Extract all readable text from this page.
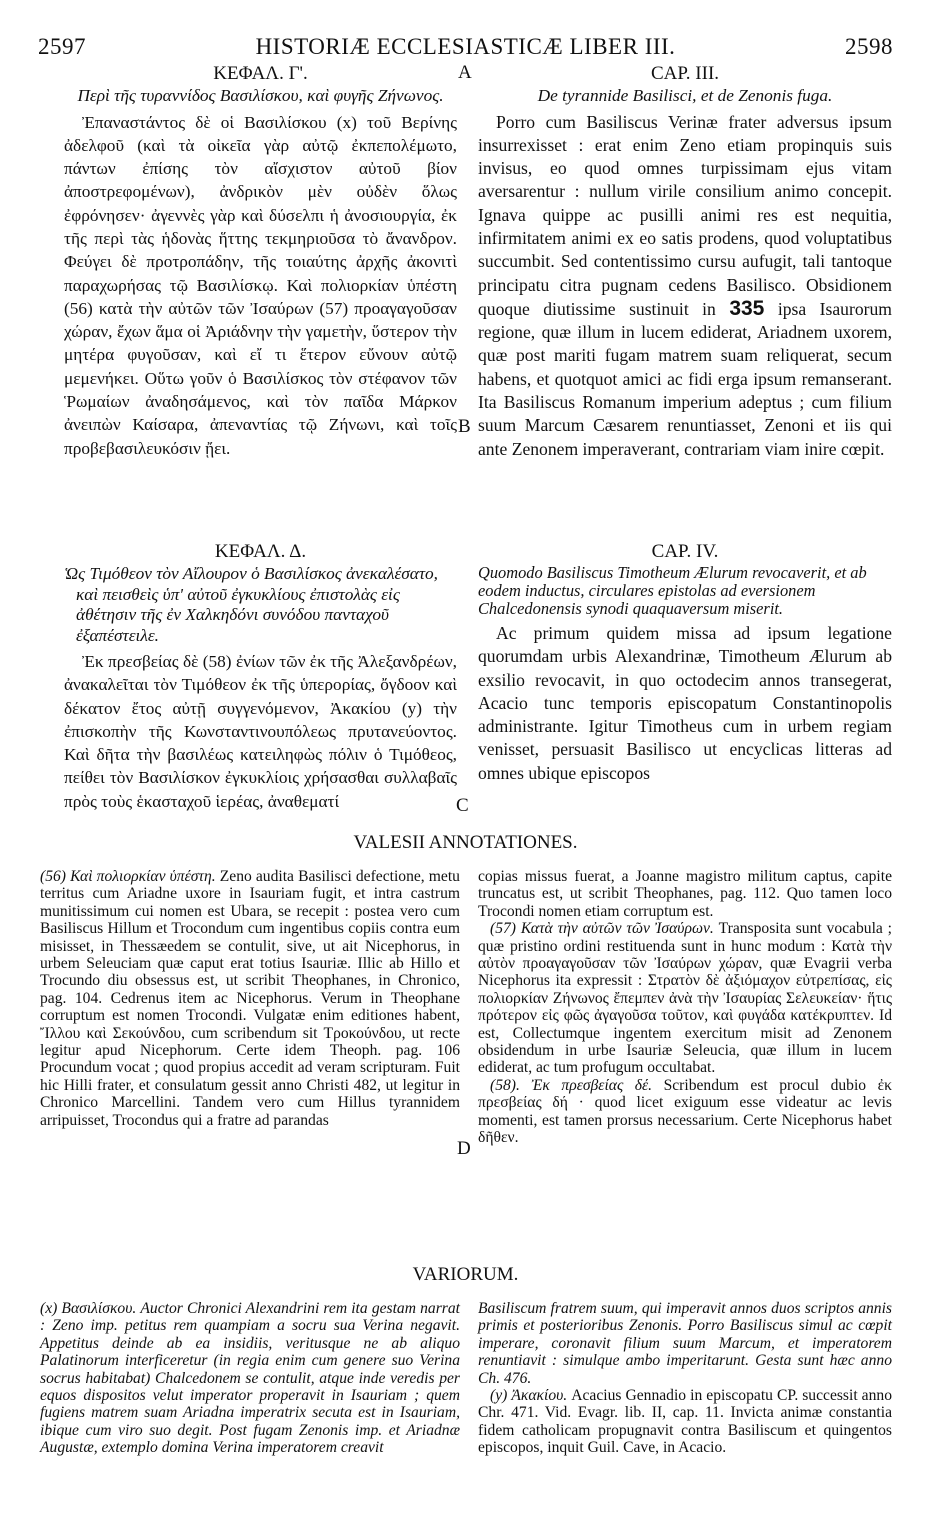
2597	HISTORIÆ ECCLESIASTICÆ LIBER III.	2598
A
B
C
D

ΚΕΦΑΛ. Γ'.

Περὶ τῆς τυραννίδος Βασιλίσκου, καὶ φυγῆς Ζήνωνος.

Ἐπαναστάντος δὲ οἱ Βασιλίσκου (x) τοῦ Βερίνης ἀδελφοῦ (καὶ τὰ οἰκεῖα γὰρ αὐτῷ ἐκπεπολέμωτο, πάντων ἐπίσης τὸν αἴσχιστον αὐτοῦ βίον ἀποστρεφομένων), ἀνδρικὸν μὲν οὐδὲν ὅλως ἐφρόνησεν· ἀγεννὲς γὰρ καὶ δύσελπι ἡ ἀνοσιουργία, ἐκ τῆς περὶ τὰς ἡδονὰς ἥττης τεκμηριοῦσα τὸ ἄνανδρον. Φεύγει δὲ προτροπάδην, τῆς τοιαύτης ἀρχῆς ἀκονιτὶ παραχωρήσας τῷ Βασιλίσκῳ. Καὶ πολιορκίαν ὑπέστη (56) κατὰ τὴν αὐτῶν τῶν Ἰσαύρων (57) προαγαγοῦσαν χώραν, ἔχων ἅμα οἱ Ἀριάδνην τὴν γαμετὴν, ὕστερον τὴν μητέρα φυγοῦσαν, καὶ εἴ τι ἕτερον εὔνουν αὐτῷ μεμενήκει. Οὕτω γοῦν ὁ Βασιλίσκος τὸν στέφανον τῶν Ῥωμαίων ἀναδησάμενος, καὶ τὸν παῖδα Μάρκον ἀνειπὼν Καίσαρα, ἀπεναντίας τῷ Ζήνωνι, καὶ τοῖς προβεβασιλευκόσιν ᾔει.

CAP. III.

De tyrannide Basilisci, et de Zenonis fuga.

Porro cum Basiliscus Verinæ frater adversus ipsum insurrexisset : erat enim Zeno etiam propinquis suis invisus, eo quod omnes turpissimam ejus vitam aversarentur : nullum virile consilium animo concepit. Ignava quippe ac pusilli animi res est nequitia, infirmitatem animi ex eo satis prodens, quod voluptatibus succumbit. Sed contentissimo cursu aufugit, tali tantoque principatu citra pugnam cedens Basilisco. Obsidionem quoque diutissime sustinuit in 335 ipsa Isaurorum regione, quæ illum in lucem ediderat, Ariadnem uxorem, quæ post mariti fugam matrem suam reliquerat, secum habens, et quotquot amici ac fidi erga ipsum remanserant. Ita Basiliscus Romanum imperium adeptus ; cum filium suum Marcum Cæsarem renuntiasset, Zenoni et iis qui ante Zenonem imperaverant, contrariam viam inire cœpit.

ΚΕΦΑΛ. Δ.

Ὡς Τιμόθεον τὸν Αἴλουρον ὁ Βασιλίσκος ἀνεκαλέσατο, καὶ πεισθεὶς ὑπ' αὐτοῦ ἐγκυκλίους ἐπιστολὰς εἰς ἀθέτησιν τῆς ἐν Χαλκηδόνι συνόδου πανταχοῦ ἐξαπέστειλε.

Ἐκ πρεσβείας δὲ (58) ἐνίων τῶν ἐκ τῆς Ἀλεξανδρέων, ἀνακαλεῖται τὸν Τιμόθεον ἐκ τῆς ὑπερορίας, ὄγδοον καὶ δέκατον ἔτος αὐτῇ συγγενόμενον, Ἀκακίου (y) τὴν ἐπισκοπὴν τῆς Κωνσταντινουπόλεως πρυτανεύοντος. Καὶ δῆτα τὴν βασιλέως κατειληφὼς πόλιν ὁ Τιμόθεος, πείθει τὸν Βασιλίσκον ἐγκυκλίοις χρήσασθαι συλλαβαῖς πρὸς τοὺς ἑκασταχοῦ ἱερέας, ἀναθεματί

CAP. IV.

Quomodo Basiliscus Timotheum Ælurum revocaverit, et ab eodem inductus, circulares epistolas ad eversionem Chalcedonensis synodi quaquaversum miserit.

Ac primum quidem missa ad ipsum legatione quorumdam urbis Alexandrinæ, Timotheum Ælurum ab exsilio revocavit, in quo octodecim annos transegerat, Acacio tunc temporis episcopatum Constantinopolis administrante. Igitur Timotheus cum in urbem regiam venisset, persuasit Basilisco ut encyclicas litteras ad omnes ubique episcopos

VALESII ANNOTATIONES.

(56) Καὶ πολιορκίαν ὑπέστη. Zeno audita Basilisci defectione, metu territus cum Ariadne uxore in Isauriam fugit, et intra castrum munitissimum cui nomen est Ubara, se recepit : postea vero cum Basiliscus Hillum et Trocondum cum ingentibus copiis contra eum misisset, in Thessæedem se contulit, sive, ut ait Nicephorus, in urbem Seleuciam quæ caput erat totius Isauriæ. Illic ab Hillo et Trocundo diu obsessus est, ut scribit Theophanes, in Chronico, pag. 104. Cedrenus item ac Nicephorus. Verum in Theophane corruptum est nomen Trocondi. Vulgatæ enim editiones habent, Ἴλλου καὶ Σεκούνδου, cum scribendum sit Τροκούνδου, ut recte legitur apud Nicephorum. Certe idem Theoph. pag. 106 Procundum vocat ; quod propius accedit ad veram scripturam. Fuit hic Hilli frater, et consulatum gessit anno Christi 482, ut legitur in Chronico Marcellini. Tandem vero cum Hillus tyrannidem arripuisset, Trocondus qui a fratre ad parandas

copias missus fuerat, a Joanne magistro militum captus, capite truncatus est, ut scribit Theophanes, pag. 112. Quo tamen loco Trocondi nomen etiam corruptum est.

(57) Κατὰ τὴν αὐτῶν τῶν Ἰσαύρων. Transposita sunt vocabula ; quæ pristino ordini restituenda sunt in hunc modum : Κατὰ τὴν αὐτὸν προαγαγοῦσαν τῶν Ἰσαύρων χώραν, quæ Evagrii verba Nicephorus ita expressit : Στρατὸν δὲ ἀξιόμαχον εὐτρεπίσας, εἰς πολιορκίαν Ζήνωνος ἔπεμπεν ἀνὰ τὴν Ἰσαυρίας Σελευκείαν· ἥτις πρότερον εἰς φῶς ἀγαγοῦσα τοῦτον, καὶ φυγάδα κατέκρυπτεν. Id est, Collectumque ingentem exercitum misit ad Zenonem obsidendum in urbe Isauriæ Seleucia, quæ illum in lucem ediderat, ac tum profugum occultabat.

(58). Ἐκ πρεσβείας δέ. Scribendum est procul dubio ἐκ πρεσβείας δή · quod licet exiguum esse videatur ac levis momenti, est tamen prorsus necessarium. Certe Nicephorus habet δῆθεν.

VARIORUM.

(x) Βασιλίσκου. Auctor Chronici Alexandrini rem ita gestam narrat : Zeno imp. petitus rem quampiam a socru sua Verina negavit. Appetitus deinde ab ea insidiis, veritusque ne ab aliquo Palatinorum interficeretur (in regia enim cum genere suo Verina socrus habitabat) Chalcedonem se contulit, atque inde veredis per equos dispositos velut imperator properavit in Isauriam ; quem fugiens matrem suam Ariadna imperatrix secuta est in Isauriam, ibique cum viro suo degit. Post fugam Zenonis imp. et Ariadnæ Augustæ, extemplo domina Verina imperatorem creavit

Basiliscum fratrem suum, qui imperavit annos duos scriptos annis primis et posterioribus Zenonis. Porro Basiliscus simul ac cœpit imperare, coronavit filium suum Marcum, et imperatorem renuntiavit : simulque ambo imperitarunt. Gesta sunt hæc anno Ch. 476.

(y) Ἀκακίου. Acacius Gennadio in episcopatu CP. successit anno Chr. 471. Vid. Evagr. lib. II, cap. 11. Invicta animæ constantia fidem catholicam propugnavit contra Basiliscum et quingentos episcopos, inquit Guil. Cave, in Acacio.
